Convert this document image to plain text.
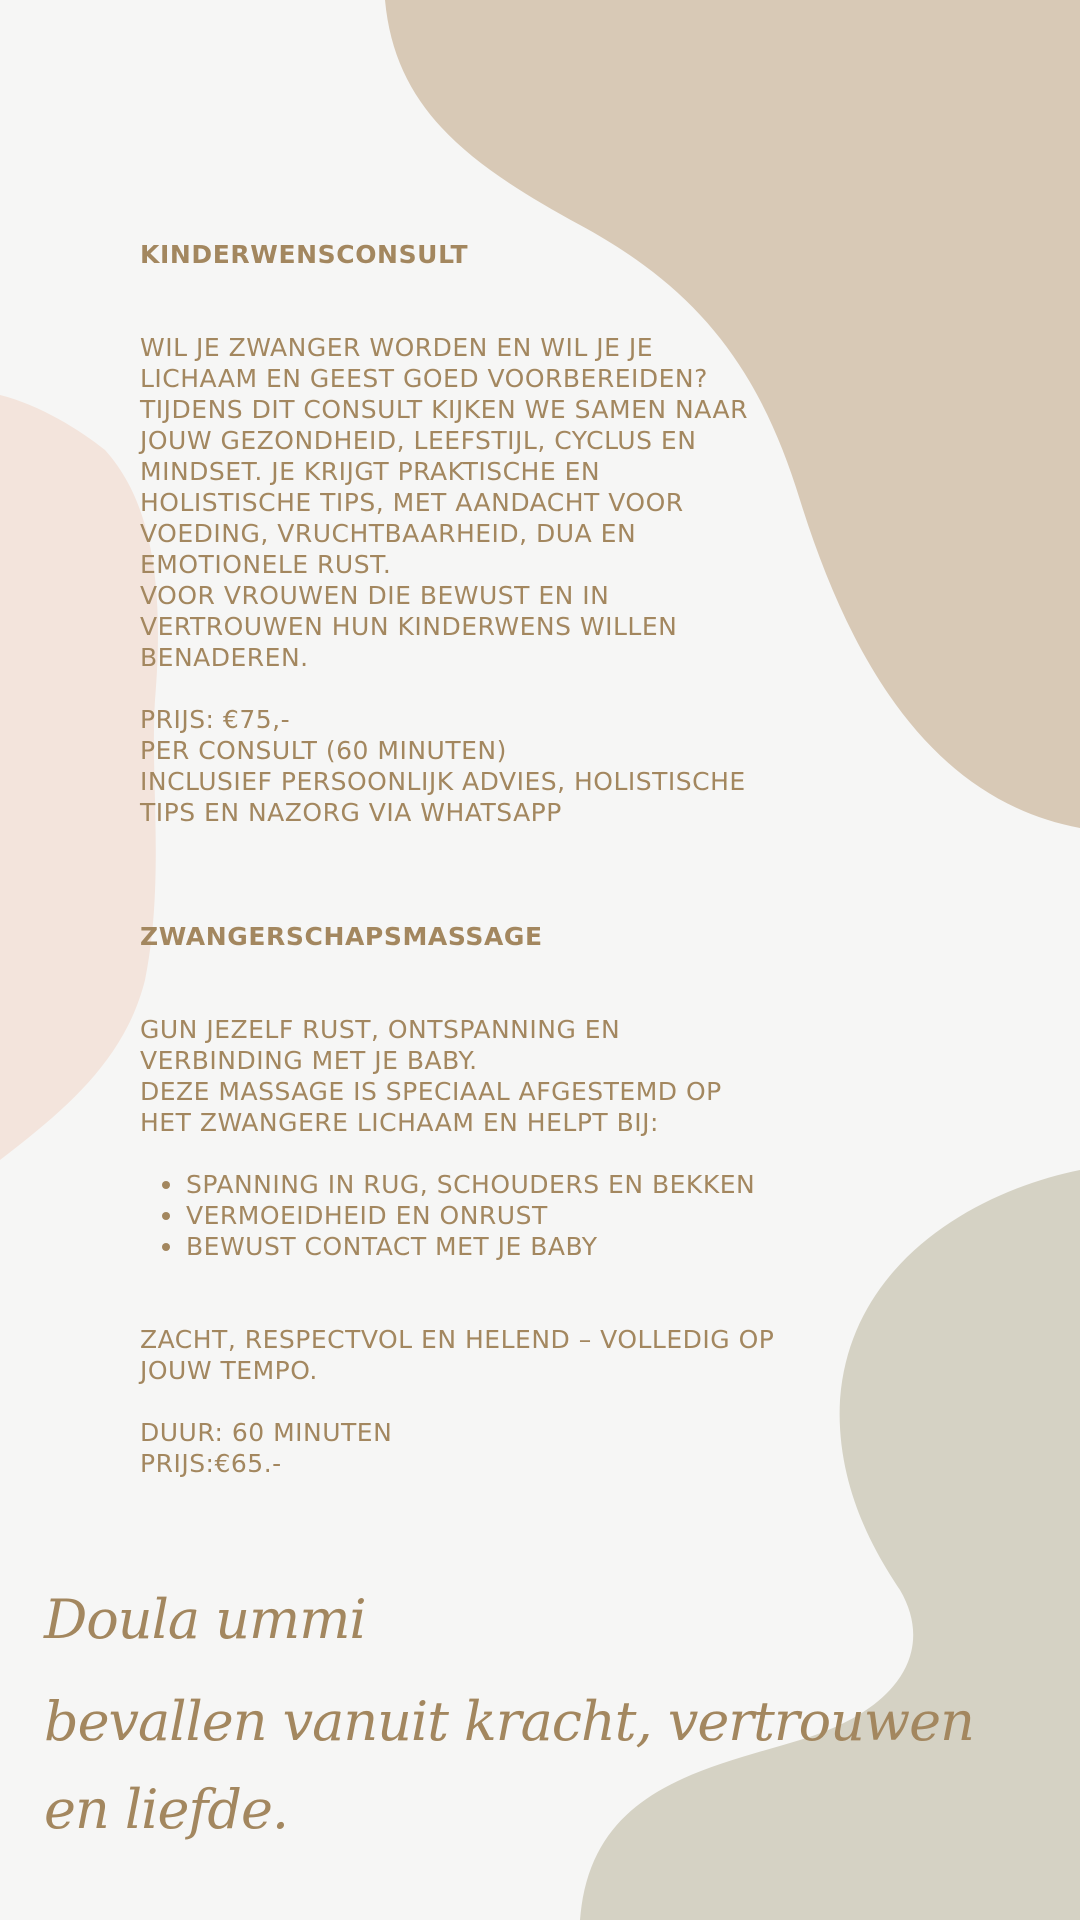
KINDERWENSCONSULT
WIL JE ZWANGER WORDEN EN WIL JE JE
LICHAAM EN GEEST GOED VOORBEREIDEN?
TIJDENS DIT CONSULT KIJKEN WE SAMEN NAAR
JOUW GEZONDHEID, LEEFSTIJL, CYCLUS EN
MINDSET. JE KRIJGT PRAKTISCHE EN
HOLISTISCHE TIPS, MET AANDACHT VOOR
VOEDING, VRUCHTBAARHEID, DUA EN
EMOTIONELE RUST.
VOOR VROUWEN DIE BEWUST EN IN
VERTROUWEN HUN KINDERWENS WILLEN
BENADEREN.
PRIJS: €75,-
PER CONSULT (60 MINUTEN)
INCLUSIEF PERSOONLIJK ADVIES, HOLISTISCHE
TIPS EN NAZORG VIA WHATSAPP
ZWANGERSCHAPSMASSAGE
GUN JEZELF RUST, ONTSPANNING EN
VERBINDING MET JE BABY.
DEZE MASSAGE IS SPECIAAL AFGESTEMD OP
HET ZWANGERE LICHAAM EN HELPT BIJ:
SPANNING IN RUG, SCHOUDERS EN BEKKEN
VERMOEIDHEID EN ONRUST
BEWUST CONTACT MET JE BABY
ZACHT, RESPECTVOL EN HELEND – VOLLEDIG OP
JOUW TEMPO.
DUUR: 60 MINUTEN
PRIJS:€65.-
Doula ummi
bevallen vanuit kracht, vertrouwen
en liefde.
